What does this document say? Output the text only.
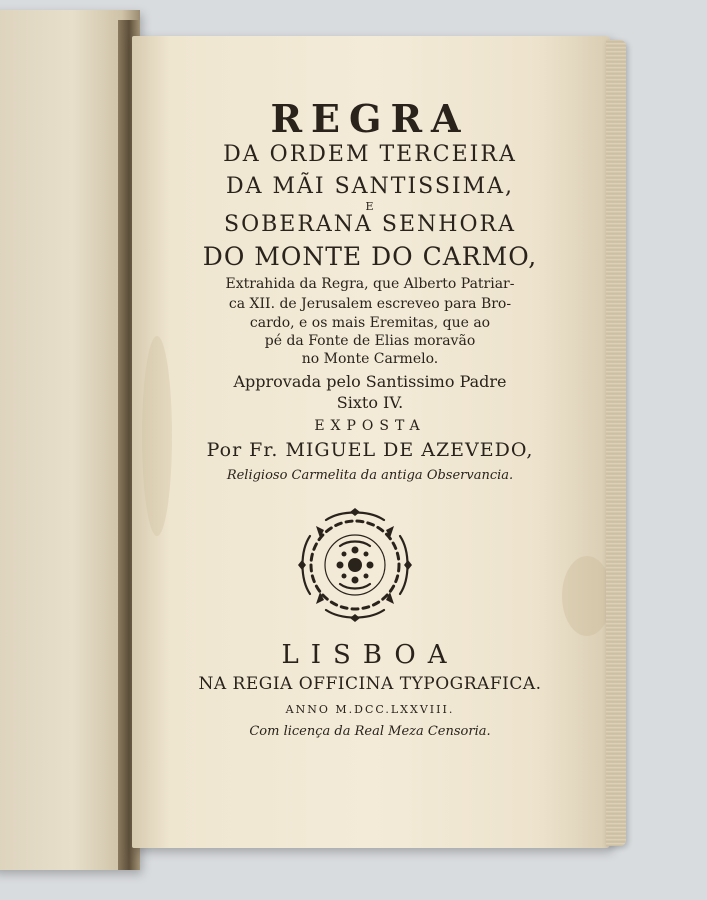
REGRA
DA ORDEM TERCEIRA
DA MÃI SANTISSIMA,
E
SOBERANA SENHORA
DO MONTE DO CARMO,
Extrahida da Regra, que Alberto Patriar-
ca XII. de Jerusalem escreveo para Bro-
cardo, e os mais Eremitas, que ao
pé da Fonte de Elias moravão
no Monte Carmelo.
Approvada pelo Santissimo Padre
Sixto IV.
EXPOSTA
Por Fr. MIGUEL DE AZEVEDO,
Religioso Carmelita da antiga Observancia.
LISBOA
NA REGIA OFFICINA TYPOGRAFICA.
ANNO M.DCC.LXXVIII.
Com licença da Real Meza Censoria.
